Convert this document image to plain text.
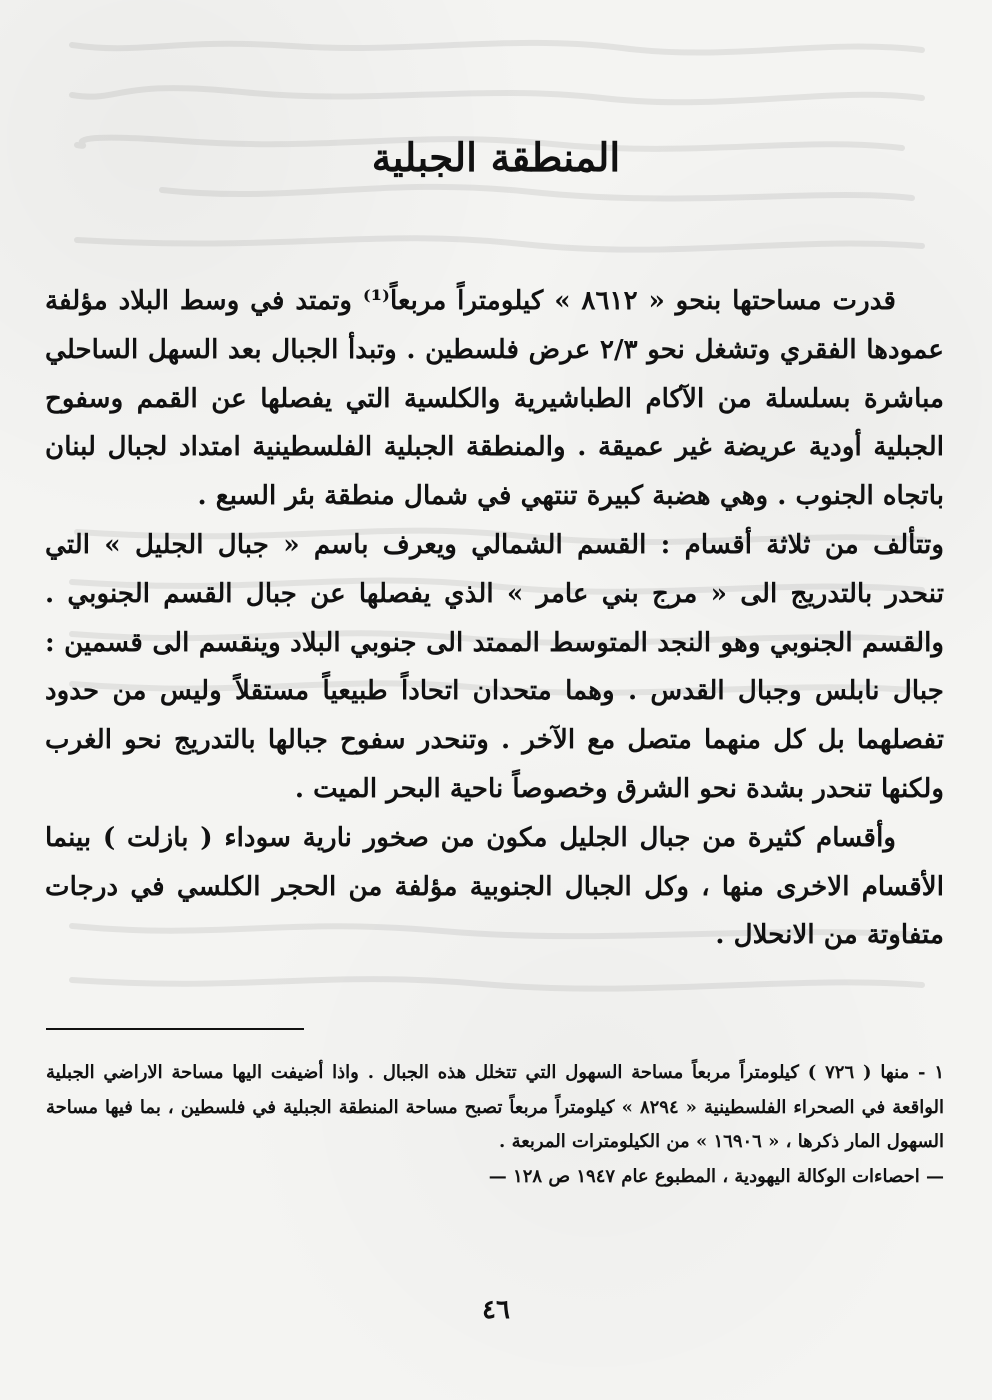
المنطقة الجبلية

قدرت مساحتها بنحو « ٨٦١٢ » كيلومتراً مربعاً⁽¹⁾ وتمتد في وسط البلاد مؤلفة عمودها الفقري وتشغل نحو ٢/٣ عرض فلسطين . وتبدأ الجبال بعد السهل الساحلي مباشرة بسلسلة من الآكام الطباشيرية والكلسية التي يفصلها عن القمم وسفوح الجبلية أودية عريضة غير عميقة . والمنطقة الجبلية الفلسطينية امتداد لجبال لبنان باتجاه الجنوب . وهي هضبة كبيرة تنتهي في شمال منطقة بئر السبع .

وتتألف من ثلاثة أقسام : القسم الشمالي ويعرف باسم « جبال الجليل » التي تنحدر بالتدريج الى « مرج بني عامر » الذي يفصلها عن جبال القسم الجنوبي . والقسم الجنوبي وهو النجد المتوسط الممتد الى جنوبي البلاد وينقسم الى قسمين : جبال نابلس وجبال القدس . وهما متحدان اتحاداً طبيعياً مستقلاً وليس من حدود تفصلهما بل كل منهما متصل مع الآخر . وتنحدر سفوح جبالها بالتدريج نحو الغرب ولكنها تنحدر بشدة نحو الشرق وخصوصاً ناحية البحر الميت .

وأقسام كثيرة من جبال الجليل مكون من صخور نارية سوداء ( بازلت ) بينما الأقسام الاخرى منها ، وكل الجبال الجنوبية مؤلفة من الحجر الكلسي في درجات متفاوتة من الانحلال .

١ - منها ( ٧٢٦ ) كيلومتراً مربعاً مساحة السهول التي تتخلل هذه الجبال . واذا أضيفت اليها مساحة الاراضي الجبلية الواقعة في الصحراء الفلسطينية « ٨٢٩٤ » كيلومتراً مربعاً تصبح مساحة المنطقة الجبلية في فلسطين ، بما فيها مساحة السهول المار ذكرها ، « ١٦٩٠٦ » من الكيلومترات المربعة .

— احصاءات الوكالة اليهودية ، المطبوع عام ١٩٤٧ ص ١٢٨ —

٤٦
